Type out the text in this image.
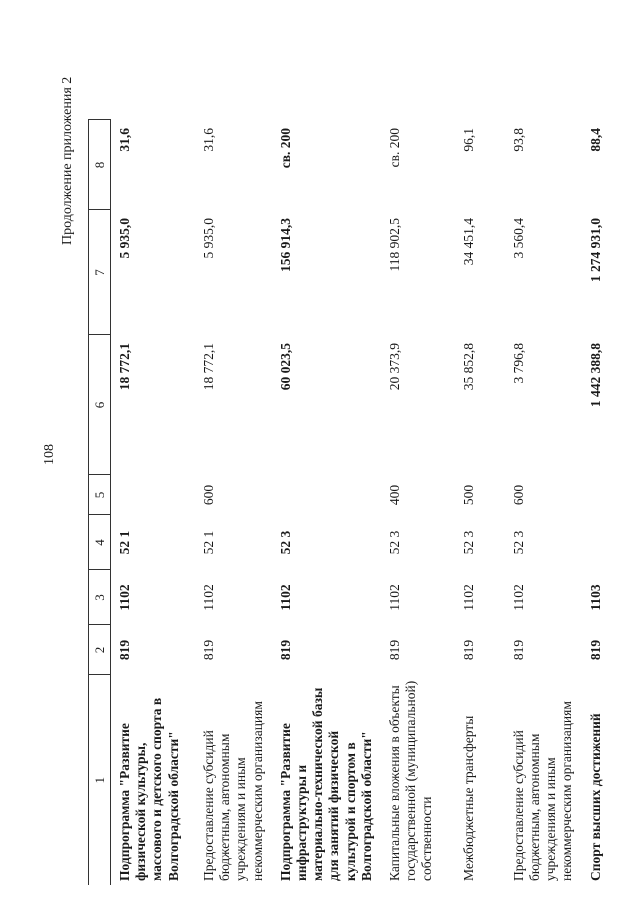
108
Продолжение приложения 2
1	2	3	4	5	6	7	8
Подпрограмма "Развитие физической культуры, массового и детского спорта в Волгоградской области"	819	1102	52 1		18 772,1	5 935,0	31,6
Предоставление субсидий бюджетным, автономным учреждениям и иным некоммерческим организациям	819	1102	52 1	600	18 772,1	5 935,0	31,6
Подпрограмма "Развитие инфраструктуры и материально-технической базы для занятий физической культурой и спортом в Волгоградской области"	819	1102	52 3		60 023,5	156 914,3	св. 200
Капитальные вложения в объекты государственной (муниципальной) собственности	819	1102	52 3	400	20 373,9	118 902,5	св. 200
Межбюджетные трансферты	819	1102	52 3	500	35 852,8	34 451,4	96,1
Предоставление субсидий бюджетным, автономным учреждениям и иным некоммерческим организациям	819	1102	52 3	600	3 796,8	3 560,4	93,8
Спорт высших достижений	819	1103			1 442 388,8	1 274 931,0	88,4
